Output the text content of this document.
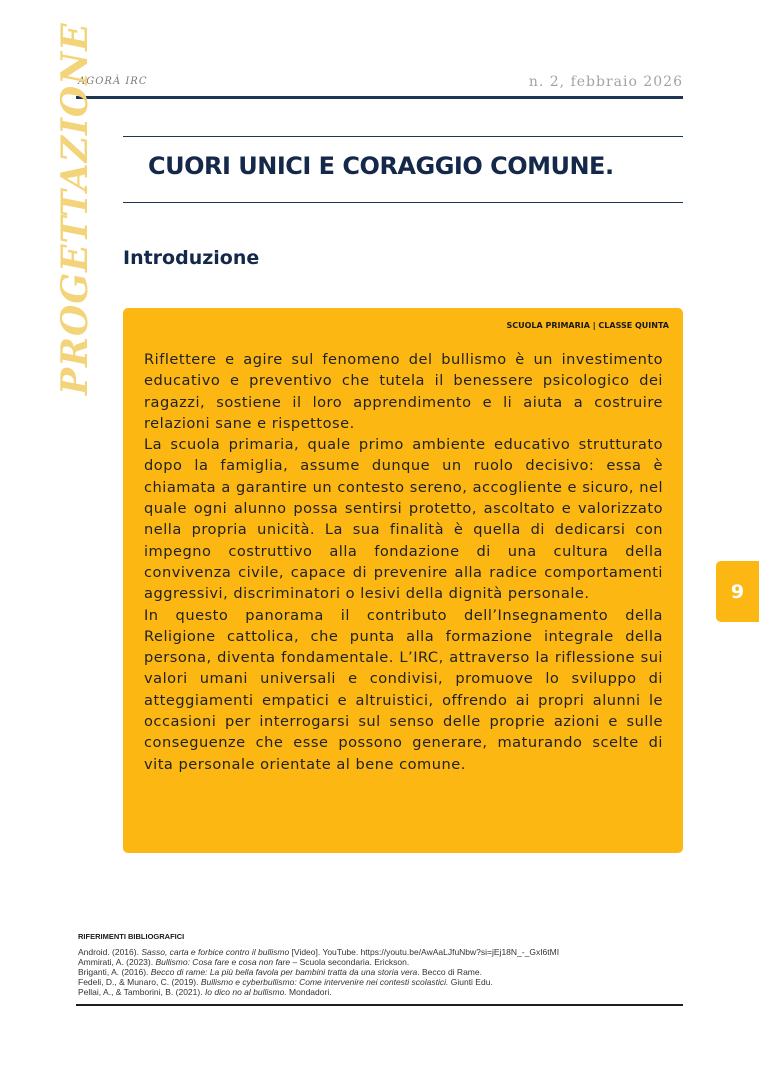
AGORÀ IRC	n. 2, febbraio 2026
PROGETTAZIONE CUORI UNICI E CORAGGIO COMUNE.
Introduzione
SCUOLA PRIMARIA | CLASSE QUINTA

Riflettere e agire sul fenomeno del bullismo è un investimento educativo e preventivo che tutela il benessere psicologico dei ragazzi, sostiene il loro apprendimento e li aiuta a costruire relazioni sane e rispettose.

La scuola primaria, quale primo ambiente educativo strutturato dopo la famiglia, assume dunque un ruolo decisivo: essa è chiamata a garantire un contesto sereno, accogliente e sicuro, nel quale ogni alunno possa sentirsi protetto, ascoltato e valorizzato nella propria unicità. La sua finalità è quella di dedicarsi con impegno costruttivo alla fondazione di una cultura della convivenza civile, capace di prevenire alla radice comportamenti aggressivi, discriminatori o lesivi della dignità personale.

In questo panorama il contributo dell’Insegnamento della Religione cattolica, che punta alla formazione integrale della persona, diventa fondamentale. L’IRC, attraverso la riflessione sui valori umani universali e condivisi, promuove lo sviluppo di atteggiamenti empatici e altruistici, offrendo ai propri alunni le occasioni per interrogarsi sul senso delle proprie azioni e sulle conseguenze che esse possono generare, maturando scelte di vita personale orientate al bene comune.

9
RIFERIMENTI BIBLIOGRAFICI
Android. (2016). Sasso, carta e forbice contro il bullismo [Video]. YouTube. https://youtu.be/AwAaLJfuNbw?si=jEj18N_-_GxI6tMI
Ammirati, A. (2023). Bullismo: Cosa fare e cosa non fare – Scuola secondaria. Erickson.
Briganti, A. (2016). Becco di rame: La più bella favola per bambini tratta da una storia vera. Becco di Rame.
Fedeli, D., & Munaro, C. (2019). Bullismo e cyberbullismo: Come intervenire nei contesti scolastici. Giunti Edu.
Pellai, A., & Tamborini, B. (2021). Io dico no al bullismo. Mondadori.
